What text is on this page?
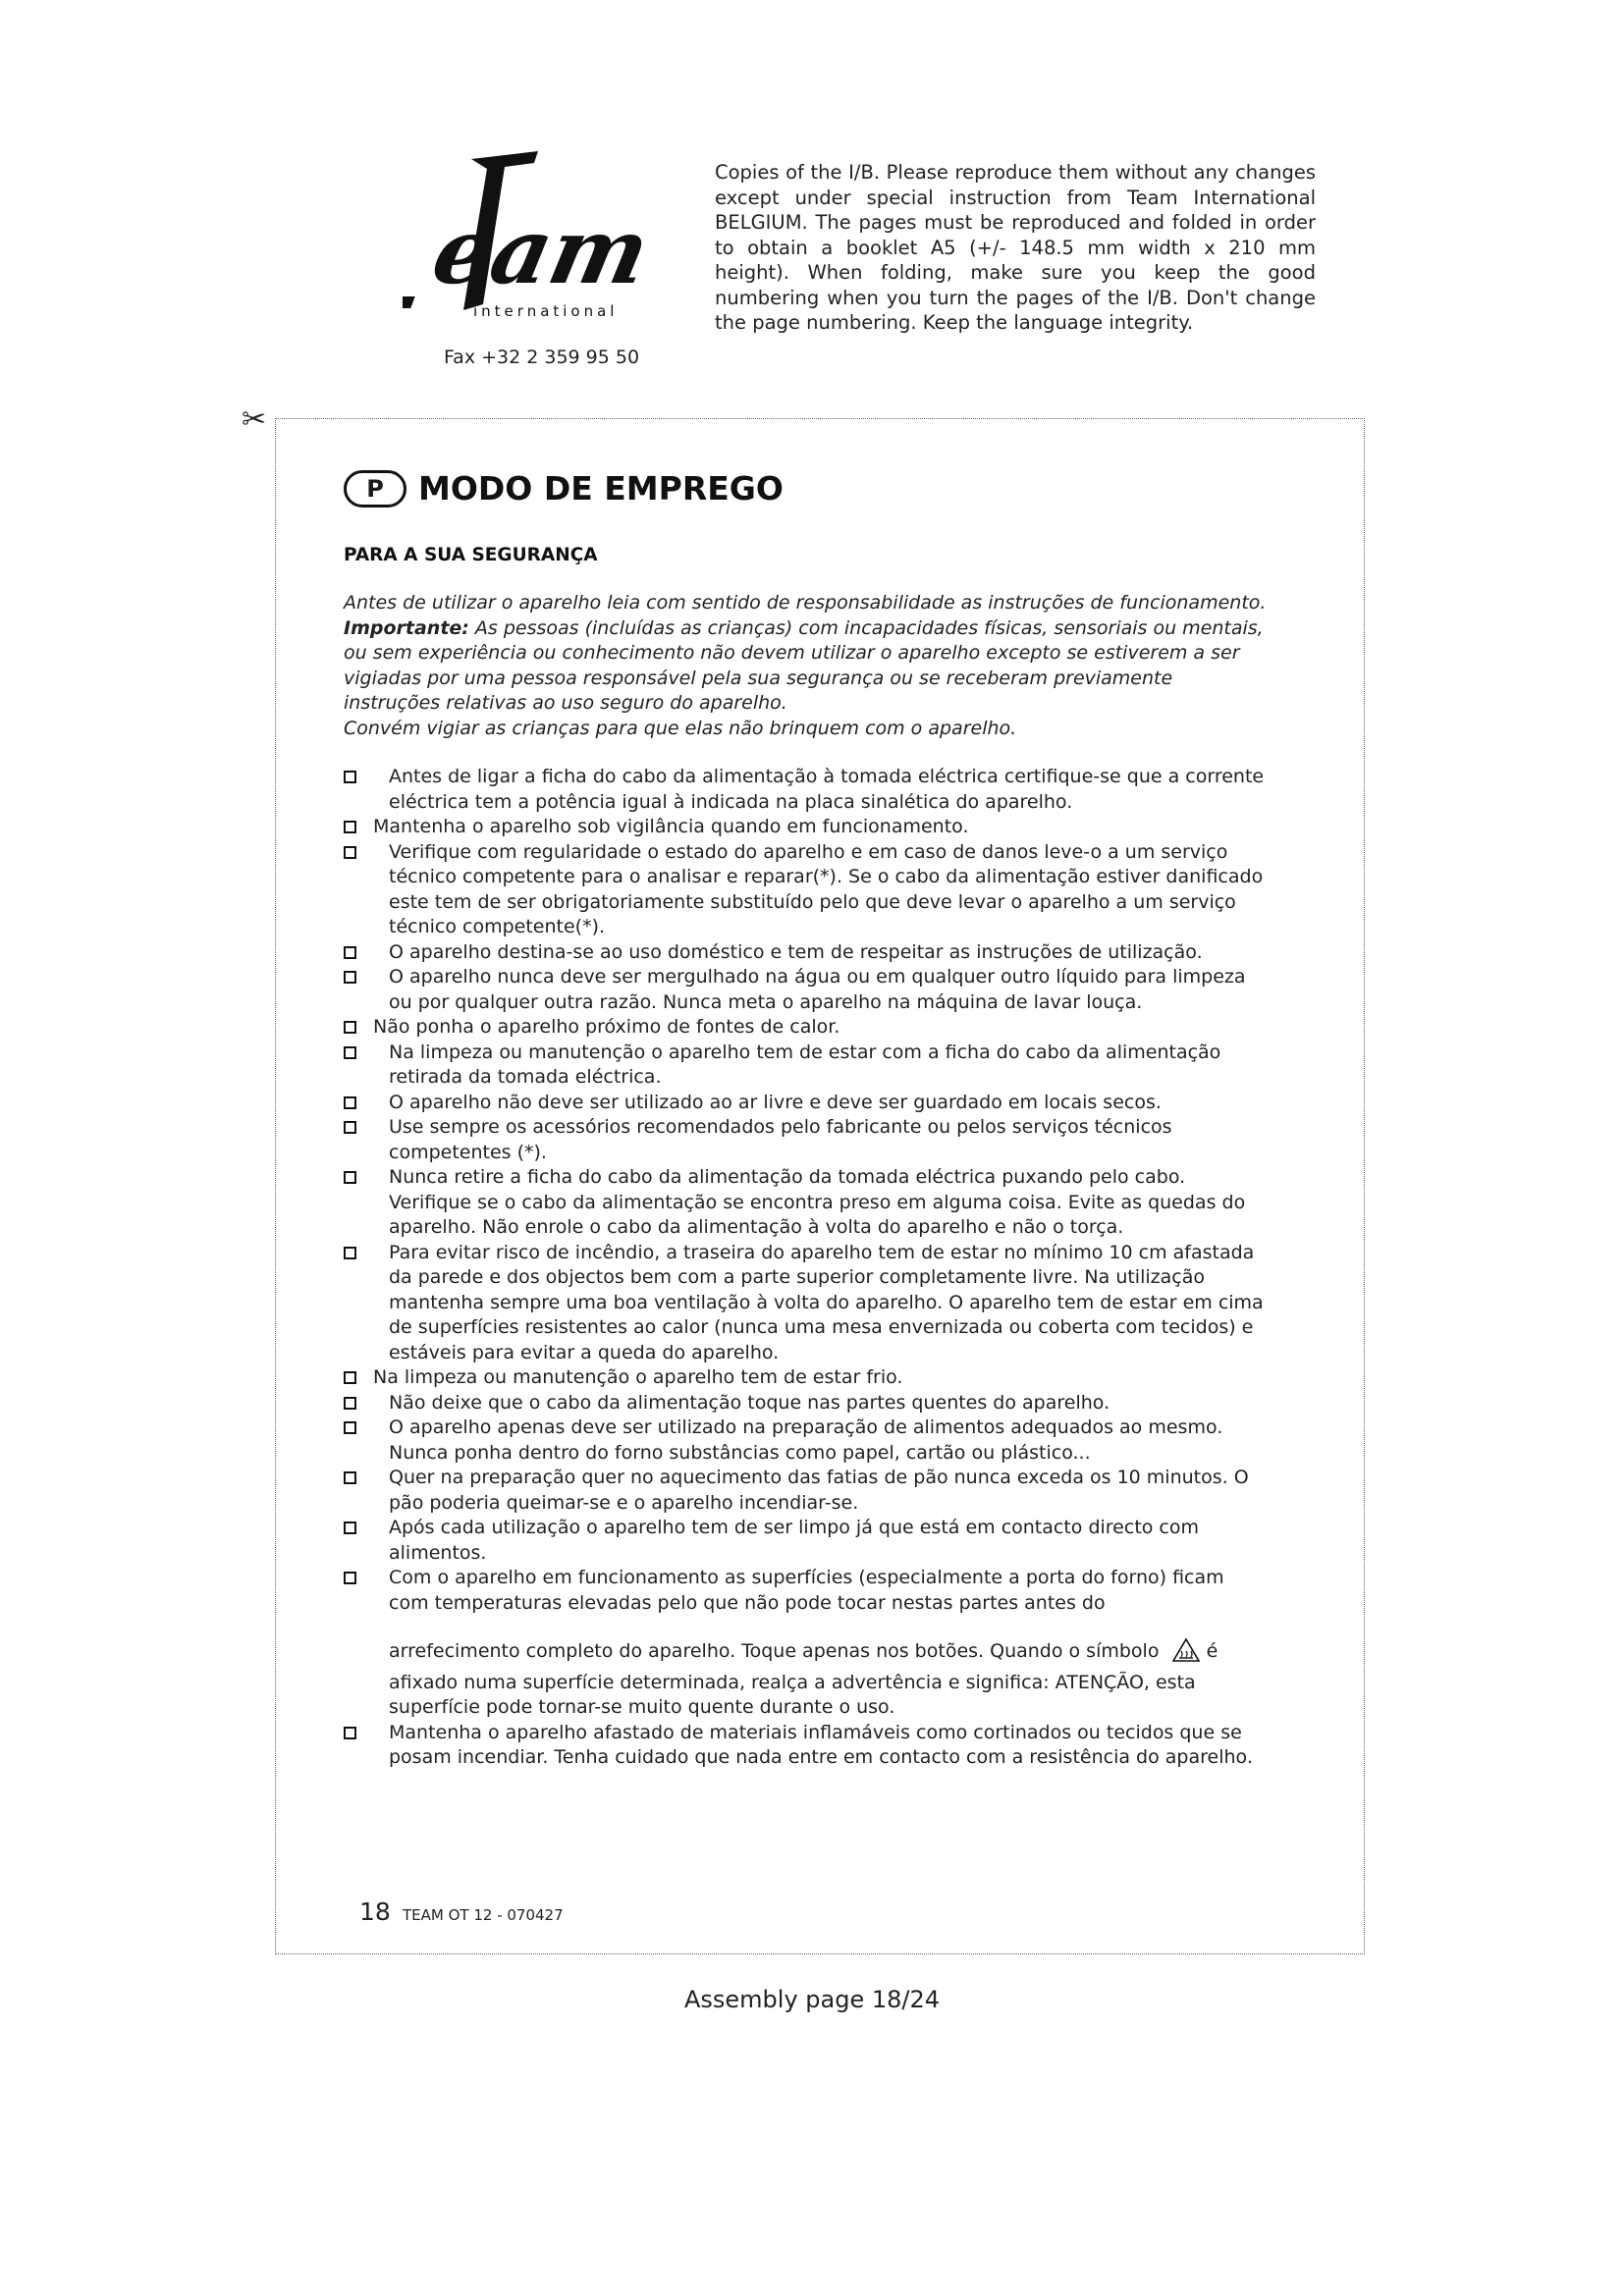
eam
international
Fax +32 2 359 95 50
Copies of the I/B. Please reproduce them without any changes except under special instruction from Team International BELGIUM. The pages must be reproduced and folded in order to obtain a booklet A5 (+/- 148.5 mm width x 210 mm height). When folding, make sure you keep the good numbering when you turn the pages of the I/B. Don't change the page numbering. Keep the language integrity.
✂
P	MODO DE EMPREGO
PARA A SUA SEGURANÇA

Antes de utilizar o aparelho leia com sentido de responsabilidade as instruções de funcionamento.

Importante: As pessoas (incluídas as crianças) com incapacidades físicas, sensoriais ou mentais, ou sem experiência ou conhecimento não devem utilizar o aparelho excepto se estiverem a ser vigiadas por uma pessoa responsável pela sua segurança ou se receberam previamente instruções relativas ao uso seguro do aparelho.

Convém vigiar as crianças para que elas não brinquem com o aparelho.

Antes de ligar a ficha do cabo da alimentação à tomada eléctrica certifique-se que a corrente eléctrica tem a potência igual à indicada na placa sinalética do aparelho.
Mantenha o aparelho sob vigilância quando em funcionamento.
Verifique com regularidade o estado do aparelho e em caso de danos leve-o a um serviço técnico competente para o analisar e reparar(*). Se o cabo da alimentação estiver danificado este tem de ser obrigatoriamente substituído pelo que deve levar o aparelho a um serviço técnico competente(*).
O aparelho destina-se ao uso doméstico e tem de respeitar as instruções de utilização.
O aparelho nunca deve ser mergulhado na água ou em qualquer outro líquido para limpeza ou por qualquer outra razão. Nunca meta o aparelho na máquina de lavar louça.
Não ponha o aparelho próximo de fontes de calor.
Na limpeza ou manutenção o aparelho tem de estar com a ficha do cabo da alimentação retirada da tomada eléctrica.
O aparelho não deve ser utilizado ao ar livre e deve ser guardado em locais secos.
Use sempre os acessórios recomendados pelo fabricante ou pelos serviços técnicos competentes (*).
Nunca retire a ficha do cabo da alimentação da tomada eléctrica puxando pelo cabo. Verifique se o cabo da alimentação se encontra preso em alguma coisa. Evite as quedas do aparelho. Não enrole o cabo da alimentação à volta do aparelho e não o torça.
Para evitar risco de incêndio, a traseira do aparelho tem de estar no mínimo 10 cm afastada da parede e dos objectos bem com a parte superior completamente livre. Na utilização mantenha sempre uma boa ventilação à volta do aparelho. O aparelho tem de estar em cima de superfícies resistentes ao calor (nunca uma mesa envernizada ou coberta com tecidos) e estáveis para evitar a queda do aparelho.
Na limpeza ou manutenção o aparelho tem de estar frio.
Não deixe que o cabo da alimentação toque nas partes quentes do aparelho.
O aparelho apenas deve ser utilizado na preparação de alimentos adequados ao mesmo. Nunca ponha dentro do forno substâncias como papel, cartão ou plástico...
Quer na preparação quer no aquecimento das fatias de pão nunca exceda os 10 minutos. O pão poderia queimar-se e o aparelho incendiar-se.
Após cada utilização o aparelho tem de ser limpo já que está em contacto directo com alimentos.
Com o aparelho em funcionamento as superfícies (especialmente a porta do forno) ficam com temperaturas elevadas pelo que não pode tocar nestas partes antes do
arrefecimento completo do aparelho. Toque apenas nos botões. Quando o símbolo	é afixado numa superfície determinada, realça a advertência e significa: ATENÇÃO, esta superfície pode tornar-se muito quente durante o uso.
Mantenha o aparelho afastado de materiais inflamáveis como cortinados ou tecidos que se posam incendiar. Tenha cuidado que nada entre em contacto com a resistência do aparelho.
18 TEAM OT 12 - 070427
Assembly page 18/24
